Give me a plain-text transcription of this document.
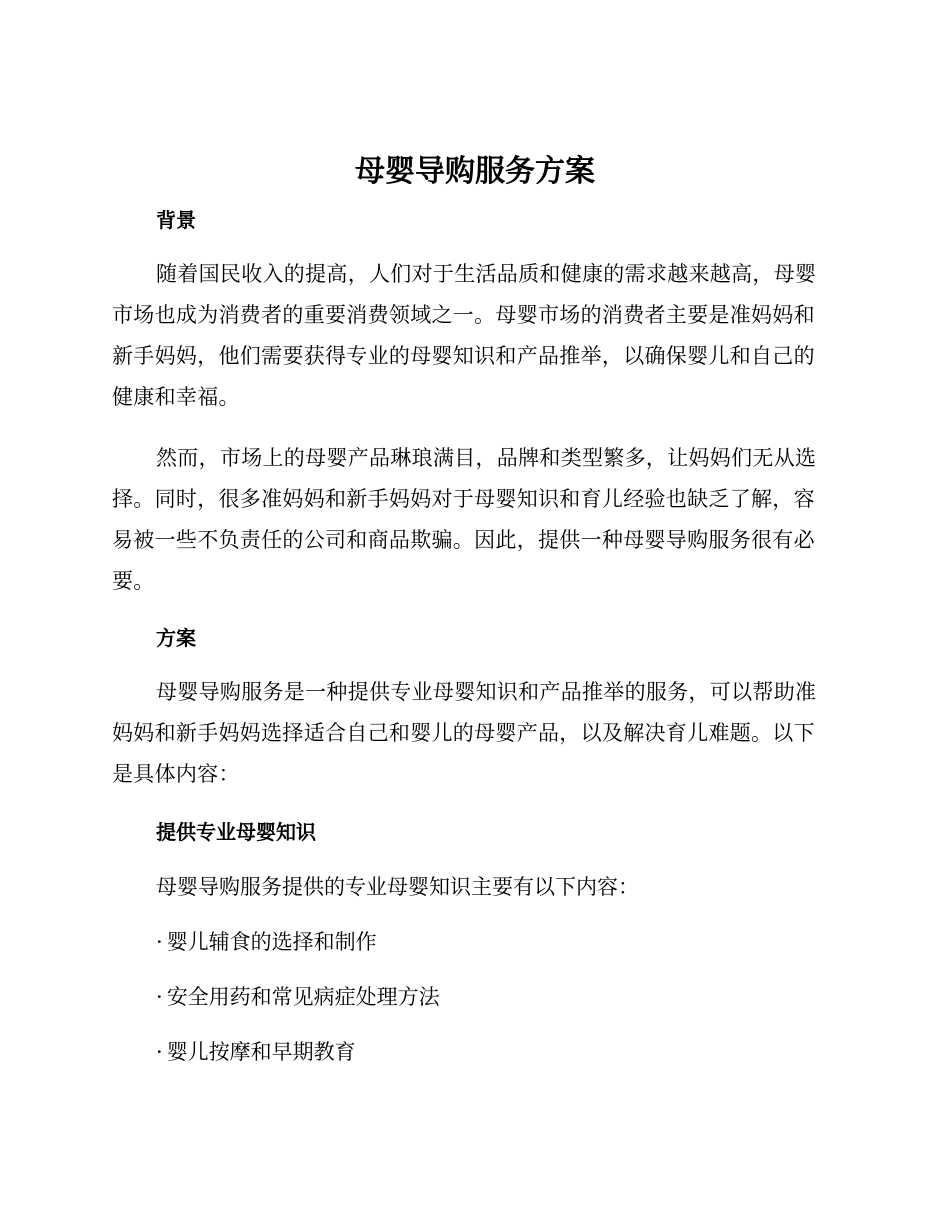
母婴导购服务方案
背景

随着国民收入的提高，人们对于生活品质和健康的需求越来越高，母婴市场也成为消费者的重要消费领域之一。母婴市场的消费者主要是准妈妈和新手妈妈，他们需要获得专业的母婴知识和产品推举，以确保婴儿和自己的健康和幸福。

然而，市场上的母婴产品琳琅满目，品牌和类型繁多，让妈妈们无从选择。同时，很多准妈妈和新手妈妈对于母婴知识和育儿经验也缺乏了解，容易被一些不负责任的公司和商品欺骗。因此，提供一种母婴导购服务很有必要。

方案

母婴导购服务是一种提供专业母婴知识和产品推举的服务，可以帮助准妈妈和新手妈妈选择适合自己和婴儿的母婴产品，以及解决育儿难题。以下是具体内容：

提供专业母婴知识

母婴导购服务提供的专业母婴知识主要有以下内容：

· 婴儿辅食的选择和制作

· 安全用药和常见病症处理方法

· 婴儿按摩和早期教育
